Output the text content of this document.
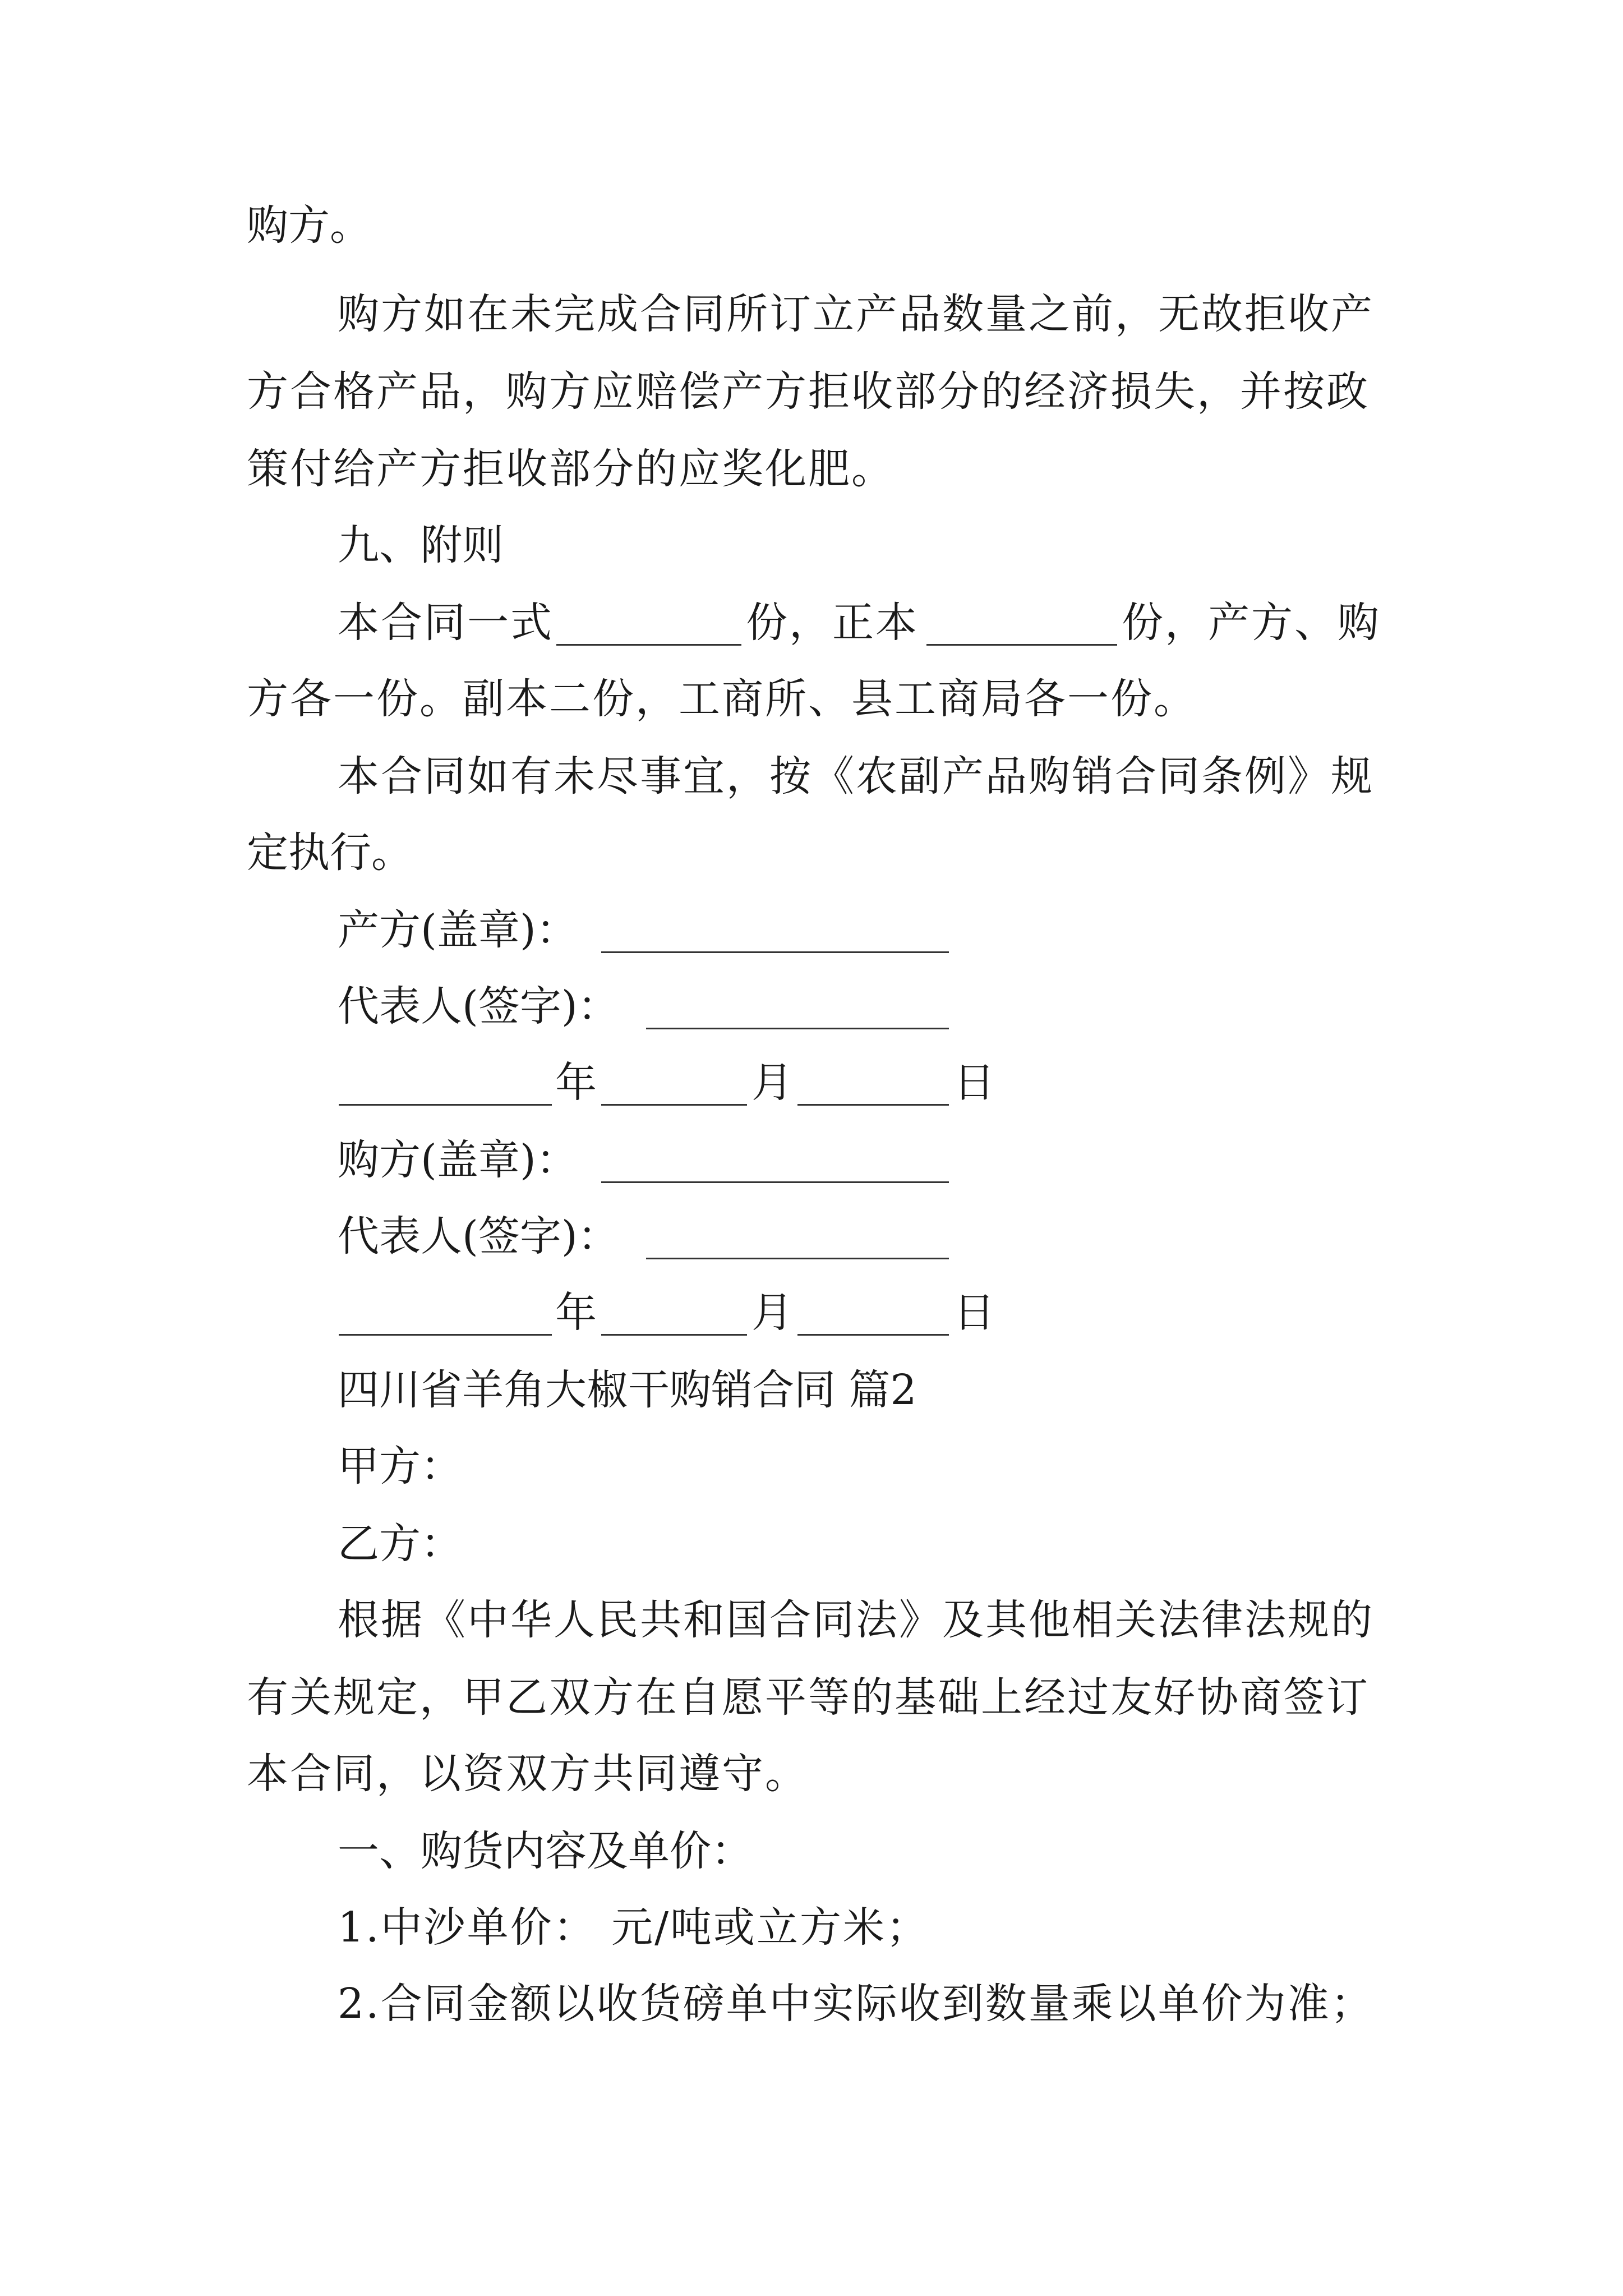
购方。
购方如在未完成合同所订立产品数量之前，无故拒收产
方合格产品，购方应赔偿产方拒收部分的经济损失，并按政
策付给产方拒收部分的应奖化肥。
九、附则
本合同一式	份，正本	份，产方、购
方各一份。副本二份，工商所、县工商局各一份。
本合同如有未尽事宜，按《农副产品购销合同条例》规
定执行。
产方(盖章)：
代表人(签字)：
年	月	日
购方(盖章)：
代表人(签字)：
年	月	日
四川省羊角大椒干购销合同 篇2
甲方：
乙方：
根据《中华人民共和国合同法》及其他相关法律法规的
有关规定，甲乙双方在自愿平等的基础上经过友好协商签订
本合同，以资双方共同遵守。
一、购货内容及单价：
1.中沙单价： 元/吨或立方米；
2.合同金额以收货磅单中实际收到数量乘以单价为准；
